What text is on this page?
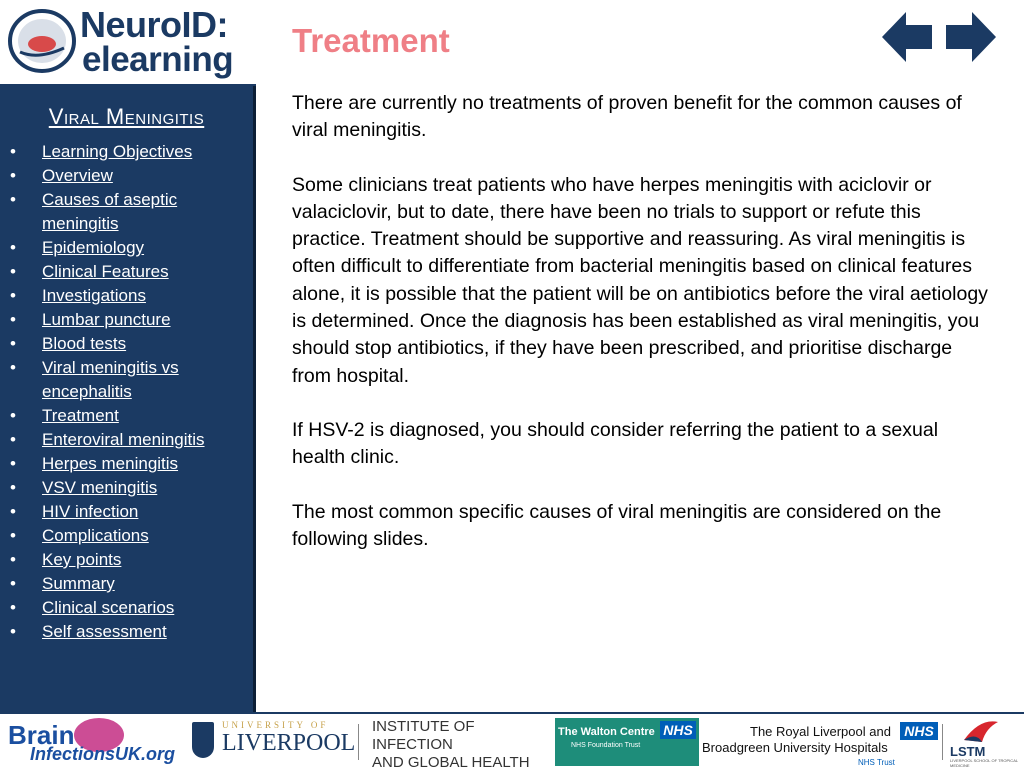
NeuroID:
elearning
Viral Meningitis
• Learning Objectives
• Overview
• Causes of aseptic meningitis
• Epidemiology
• Clinical Features
• Investigations
• Lumbar puncture
• Blood tests
• Viral meningitis vs encephalitis
• Treatment
• Enteroviral meningitis
• Herpes meningitis
• VSV meningitis
• HIV infection
• Complications
• Key points
• Summary
• Clinical scenarios
• Self assessment
Treatment

There are currently no treatments of proven benefit for the common causes of viral meningitis.

Some clinicians treat patients who have herpes meningitis with aciclovir or valaciclovir, but to date, there have been no trials to support or refute this practice. Treatment should be supportive and reassuring. As viral meningitis is often difficult to differentiate from bacterial meningitis based on clinical features alone, it is possible that the patient will be on antibiotics before the viral aetiology is determined. Once the diagnosis has been established as viral meningitis, you should stop antibiotics, if they have been prescribed, and prioritise discharge from hospital.

If HSV-2 is diagnosed, you should consider referring the patient to a sexual health clinic.

The most common specific causes of viral meningitis are considered on the following slides.

Brain
InfectionsUK.org
UNIVERSITY OF
LIVERPOOL
INSTITUTE OF INFECTION
AND GLOBAL HEALTH
The Walton Centre
NHS Foundation Trust
NHS	The Royal Liverpool and
Broadgreen University Hospitals
NHS Trust
NHS
LSTM
LIVERPOOL SCHOOL OF TROPICAL MEDICINE
